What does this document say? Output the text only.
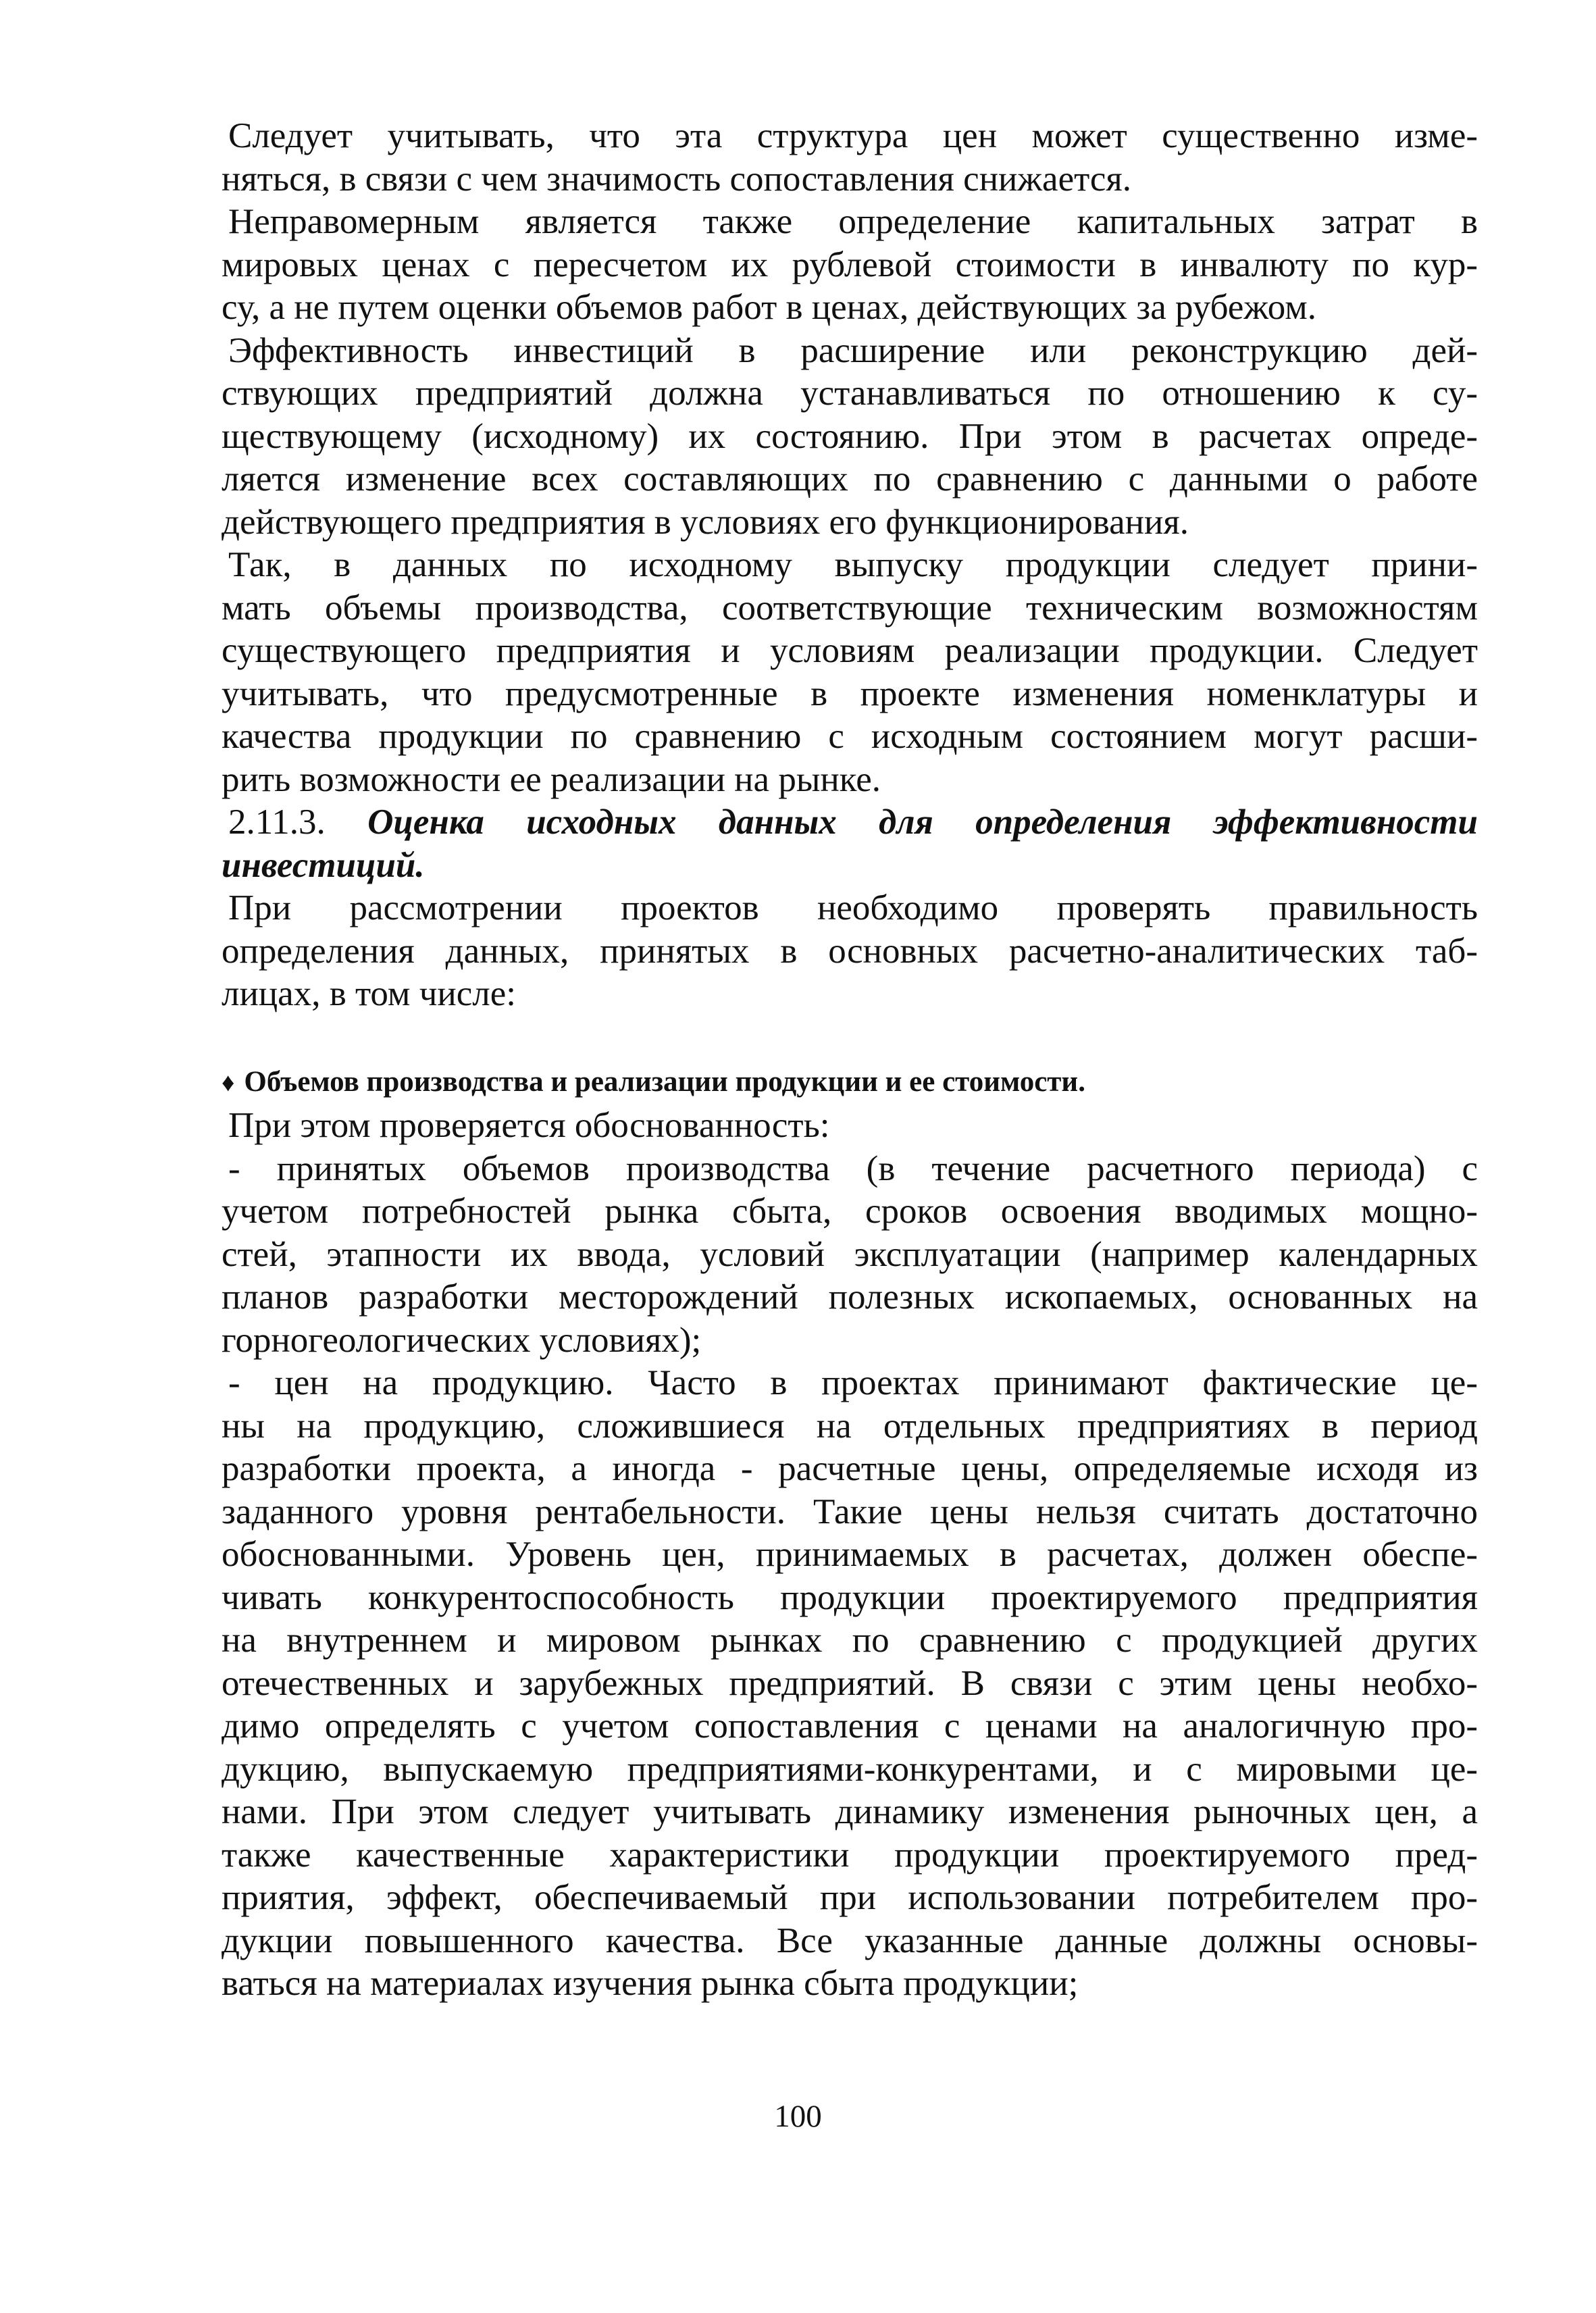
Следует учитывать, что эта структура цен может существенно изме-
няться, в связи с чем значимость сопоставления снижается.
Неправомерным является также определение капитальных затрат в
мировых ценах с пересчетом их рублевой стоимости в инвалюту по кур-
су, а не путем оценки объемов работ в ценах, действующих за рубежом.
Эффективность инвестиций в расширение или реконструкцию дей-
ствующих предприятий должна устанавливаться по отношению к су-
ществующему (исходному) их состоянию. При этом в расчетах опреде-
ляется изменение всех составляющих по сравнению с данными о работе
действующего предприятия в условиях его функционирования.
Так, в данных по исходному выпуску продукции следует прини-
мать объемы производства, соответствующие техническим возможностям
существующего предприятия и условиям реализации продукции. Следует
учитывать, что предусмотренные в проекте изменения номенклатуры и
качества продукции по сравнению с исходным состоянием могут расши-
рить возможности ее реализации на рынке.
2.11.3. Оценка исходных данных для определения эффективности
инвестиций.
При рассмотрении проектов необходимо проверять правильность
определения данных, принятых в основных расчетно-аналитических таб-
лицах, в том числе:
♦ Объемов производства и реализации продукции и ее стоимости.
При этом проверяется обоснованность:
- принятых объемов производства (в течение расчетного периода) с
учетом потребностей рынка сбыта, сроков освоения вводимых мощно-
стей, этапности их ввода, условий эксплуатации (например календарных
планов разработки месторождений полезных ископаемых, основанных на
горногеологических условиях);
- цен на продукцию. Часто в проектах принимают фактические це-
ны на продукцию, сложившиеся на отдельных предприятиях в период
разработки проекта, а иногда - расчетные цены, определяемые исходя из
заданного уровня рентабельности. Такие цены нельзя считать достаточно
обоснованными. Уровень цен, принимаемых в расчетах, должен обеспе-
чивать конкурентоспособность продукции проектируемого предприятия
на внутреннем и мировом рынках по сравнению с продукцией других
отечественных и зарубежных предприятий. В связи с этим цены необхо-
димо определять с учетом сопоставления с ценами на аналогичную про-
дукцию, выпускаемую предприятиями-конкурентами, и с мировыми це-
нами. При этом следует учитывать динамику изменения рыночных цен, а
также качественные характеристики продукции проектируемого пред-
приятия, эффект, обеспечиваемый при использовании потребителем про-
дукции повышенного качества. Все указанные данные должны основы-
ваться на материалах изучения рынка сбыта продукции;
100
